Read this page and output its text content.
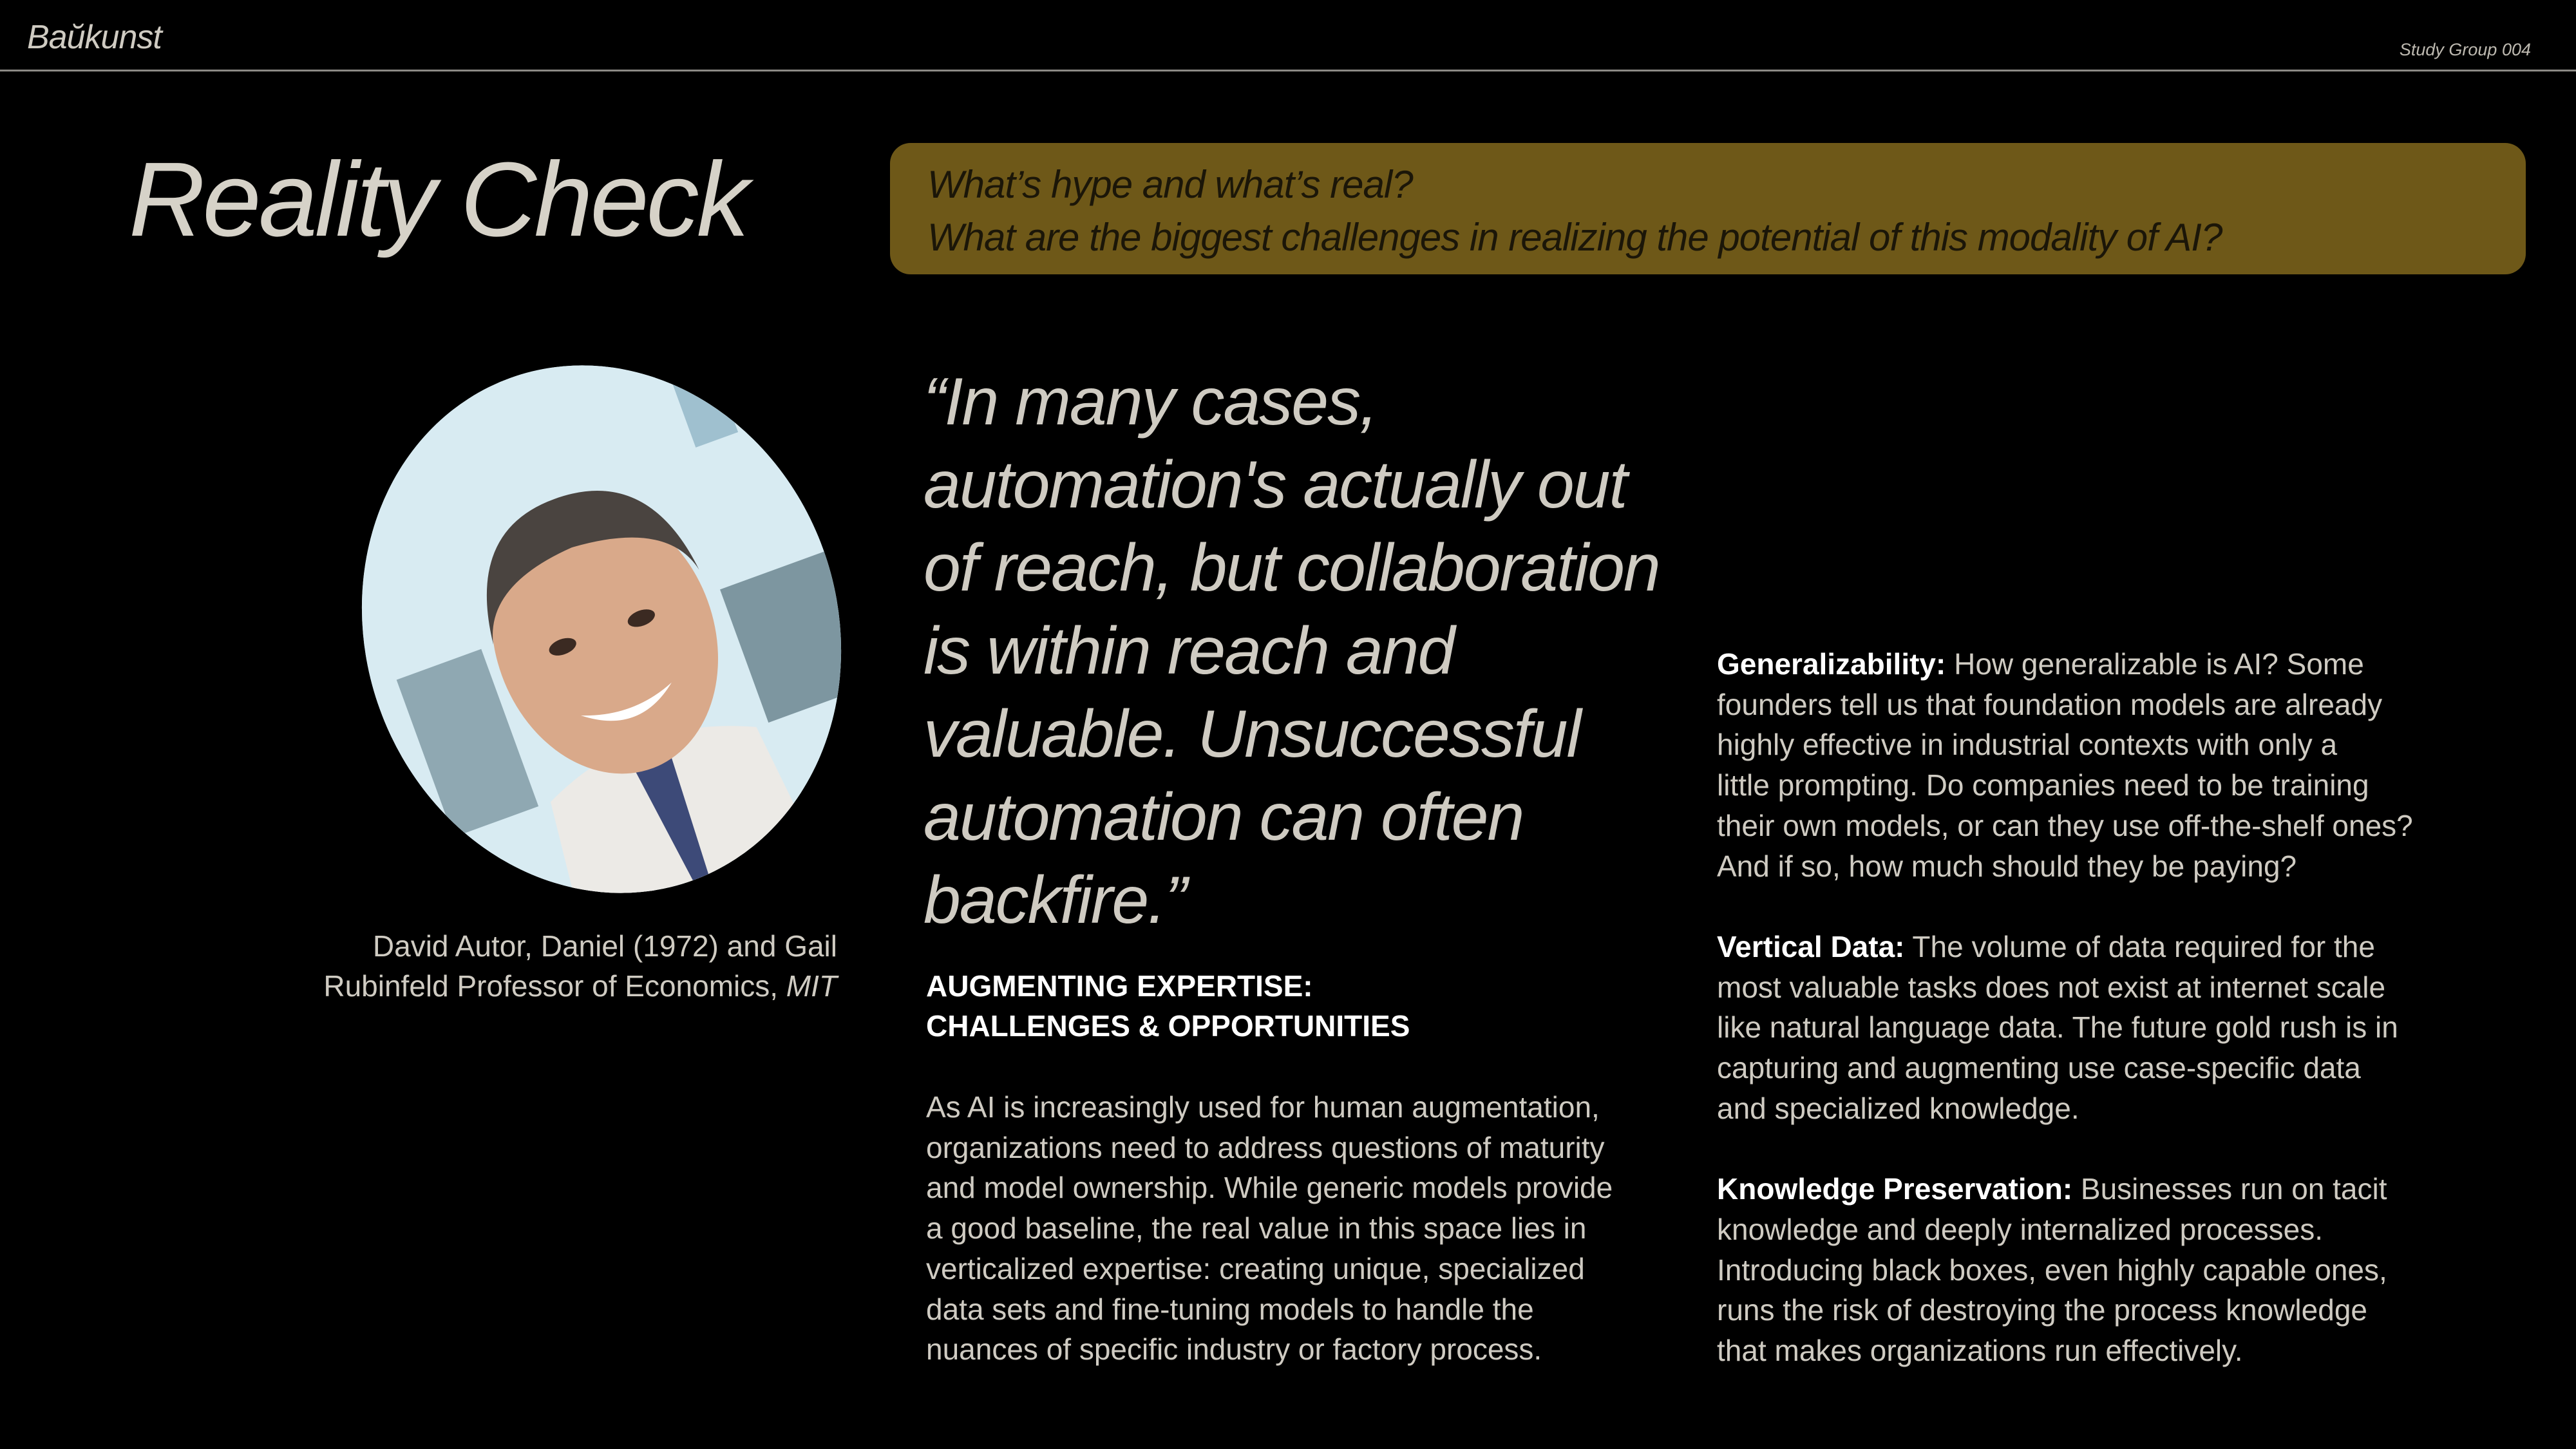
Baŭkunst	Study Group 004
Reality Check	What’s hype and what’s real?
What are the biggest challenges in realizing the potential of this modality of AI?
David Autor, Daniel (1972) and Gail
Rubinfeld Professor of Economics, MIT
“In many cases,
automation's actually out
of reach, but collaboration
is within reach and
valuable. Unsuccessful
automation can often
backfire.”
AUGMENTING EXPERTISE:
CHALLENGES & OPPORTUNITIES
As AI is increasingly used for human augmentation,
organizations need to address questions of maturity
and model ownership. While generic models provide
a good baseline, the real value in this space lies in
verticalized expertise: creating unique, specialized
data sets and fine-tuning models to handle the
nuances of specific industry or factory process.
Generalizability: How generalizable is AI? Some
founders tell us that foundation models are already
highly effective in industrial contexts with only a
little prompting. Do companies need to be training
their own models, or can they use off-the-shelf ones?
And if so, how much should they be paying?
Vertical Data: The volume of data required for the
most valuable tasks does not exist at internet scale
like natural language data. The future gold rush is in
capturing and augmenting use case-specific data
and specialized knowledge.
Knowledge Preservation: Businesses run on tacit
knowledge and deeply internalized processes.
Introducing black boxes, even highly capable ones,
runs the risk of destroying the process knowledge
that makes organizations run effectively.
